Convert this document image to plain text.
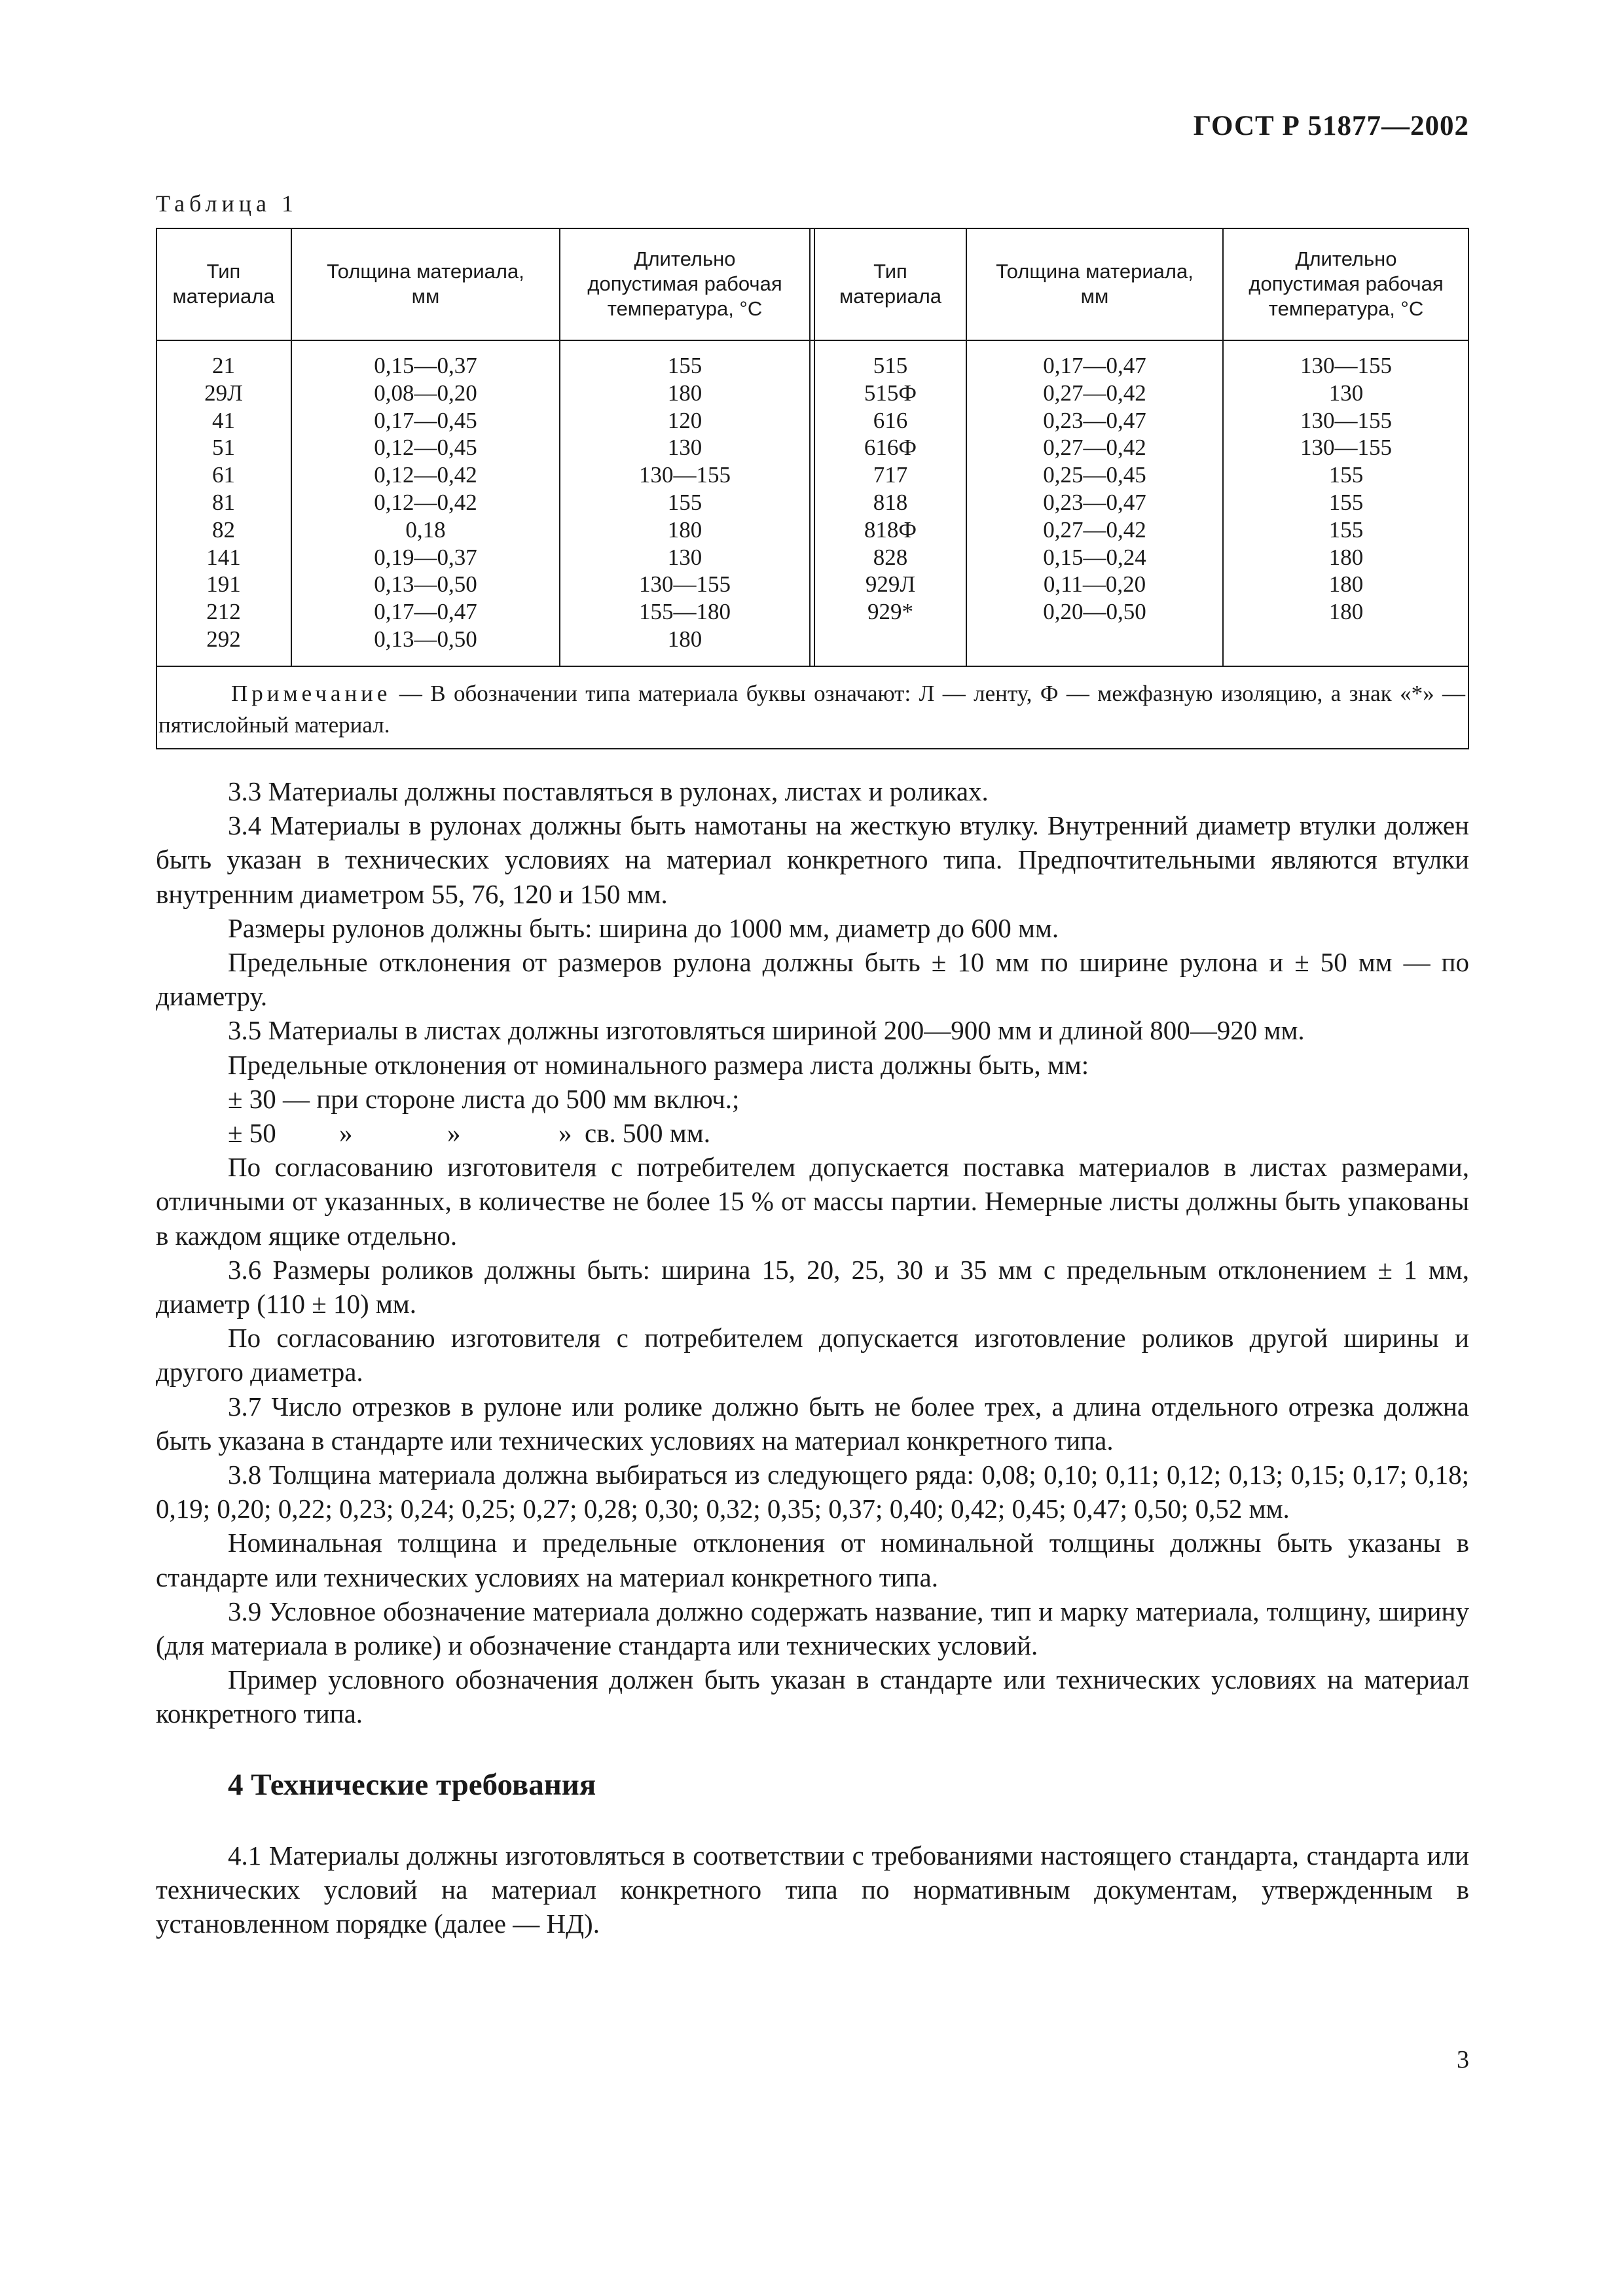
ГОСТ Р 51877—2002
Таблица 1
Тип
материала
Толщина материала,
мм
Длительно
допустимая рабочая
температура, °С
Тип
материала
Толщина материала,
мм
Длительно
допустимая рабочая
температура, °С
21
29Л
41
51
61
81
82
141
191
212
292
0,15—0,37
0,08—0,20
0,17—0,45
0,12—0,45
0,12—0,42
0,12—0,42
0,18
0,19—0,37
0,13—0,50
0,17—0,47
0,13—0,50
155
180
120
130
130—155
155
180
130
130—155
155—180
180
515
515Ф
616
616Ф
717
818
818Ф
828
929Л
929*
0,17—0,47
0,27—0,42
0,23—0,47
0,27—0,42
0,25—0,45
0,23—0,47
0,27—0,42
0,15—0,24
0,11—0,20
0,20—0,50
130—155
130
130—155
130—155
155
155
155
180
180
180
Примечание — В обозначении типа материала буквы означают: Л — ленту, Ф — межфазную изоляцию, а знак «*» — пятислойный материал.

3.3 Материалы должны поставляться в рулонах, листах и роликах.

3.4 Материалы в рулонах должны быть намотаны на жесткую втулку. Внутренний диаметр втулки должен быть указан в технических условиях на материал конкретного типа. Предпочтительными являются втулки внутренним диаметром 55, 76, 120 и 150 мм.

Размеры рулонов должны быть: ширина до 1000 мм, диаметр до 600 мм.

Предельные отклонения от размеров рулона должны быть ± 10 мм по ширине рулона и ± 50 мм — по диаметру.

3.5 Материалы в листах должны изготовляться шириной 200—900 мм и длиной 800—920 мм.

Предельные отклонения от номинального размера листа должны быть, мм:

± 30 — при стороне листа до 500 мм включ.;

± 50 »	»	» св. 500 мм.

По согласованию изготовителя с потребителем допускается поставка материалов в листах размерами, отличными от указанных, в количестве не более 15 % от массы партии. Немерные листы должны быть упакованы в каждом ящике отдельно.

3.6 Размеры роликов должны быть: ширина 15, 20, 25, 30 и 35 мм с предельным отклонением ± 1 мм, диаметр (110 ± 10) мм.

По согласованию изготовителя с потребителем допускается изготовление роликов другой ширины и другого диаметра.

3.7 Число отрезков в рулоне или ролике должно быть не более трех, а длина отдельного отрезка должна быть указана в стандарте или технических условиях на материал конкретного типа.

3.8 Толщина материала должна выбираться из следующего ряда: 0,08; 0,10; 0,11; 0,12; 0,13; 0,15; 0,17; 0,18; 0,19; 0,20; 0,22; 0,23; 0,24; 0,25; 0,27; 0,28; 0,30; 0,32; 0,35; 0,37; 0,40; 0,42; 0,45; 0,47; 0,50; 0,52 мм.

Номинальная толщина и предельные отклонения от номинальной толщины должны быть указаны в стандарте или технических условиях на материал конкретного типа.

3.9 Условное обозначение материала должно содержать название, тип и марку материала, толщину, ширину (для материала в ролике) и обозначение стандарта или технических условий.

Пример условного обозначения должен быть указан в стандарте или технических условиях на материал конкретного типа.

4 Технические требования

4.1 Материалы должны изготовляться в соответствии с требованиями настоящего стандарта, стандарта или технических условий на материал конкретного типа по нормативным документам, утвержденным в установленном порядке (далее — НД).

3
